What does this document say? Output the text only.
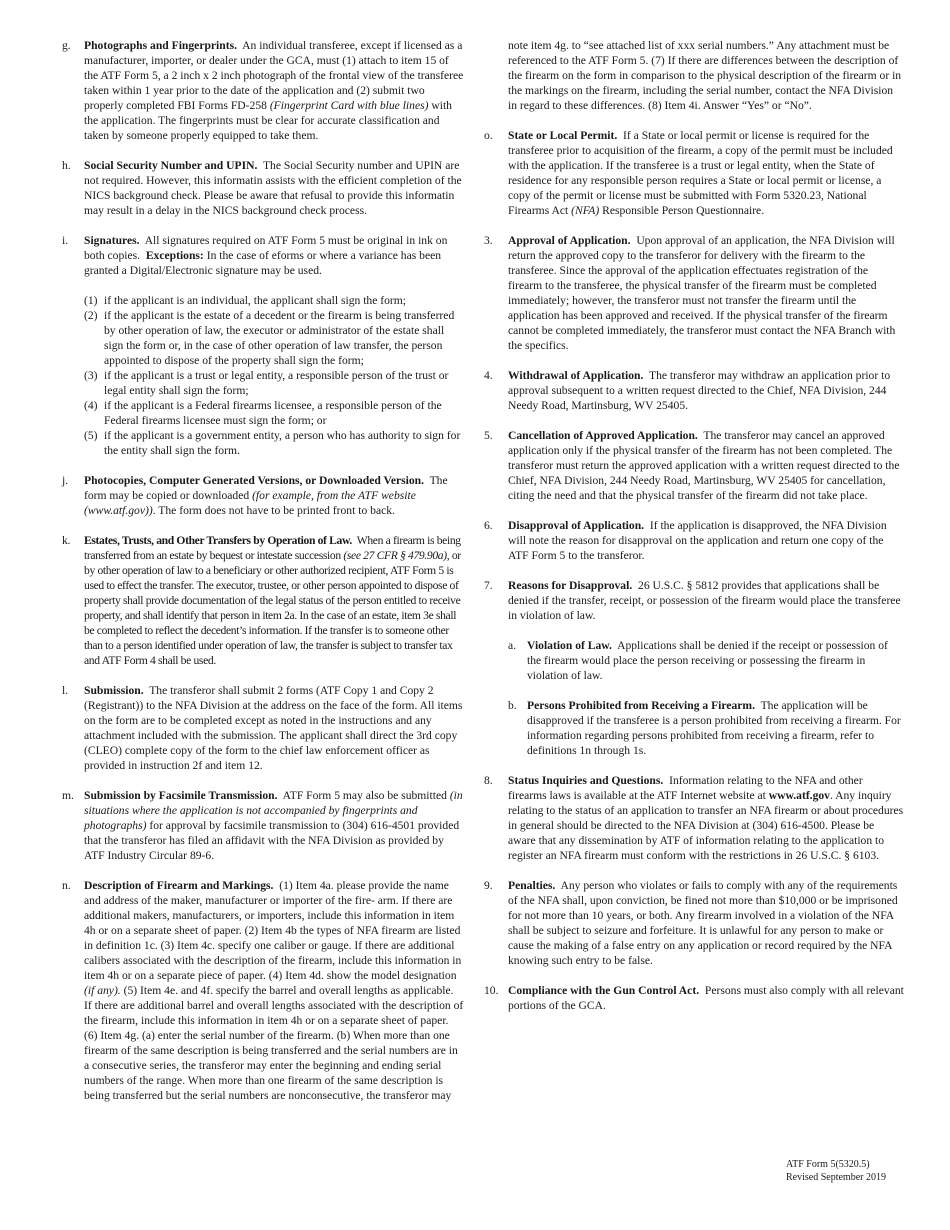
g.	Photographs and Fingerprints. An individual transferee, except if licensed as a manufacturer, importer, or dealer under the GCA, must (1) attach to item 15 of the ATF Form 5, a 2 inch x 2 inch photograph of the frontal view of the transferee taken within 1 year prior to the date of the application and (2) submit two properly completed FBI Forms FD-258 (Fingerprint Card with blue lines) with the application. The fingerprints must be clear for accurate classification and taken by someone properly equipped to take them.

h.	Social Security Number and UPIN. The Social Security number and UPIN are not required. However, this informatin assists with the efficient completion of the NICS background check. Please be aware that refusal to provide this informatin may result in a delay in the NICS background check process.

i.	Signatures. All signatures required on ATF Form 5 must be original in ink on both copies. Exceptions: In the case of eforms or where a variance has been granted a Digital/Electronic signature may be used.

(1) if the applicant is an individual, the applicant shall sign the form;
(2) if the applicant is the estate of a decedent or the firearm is being transferred by other operation of law, the executor or administrator of the estate shall sign the form or, in the case of other operation of law transfer, the person appointed to dispose of the property shall sign the form;
(3) if the applicant is a trust or legal entity, a responsible person of the trust or legal entity shall sign the form;
(4) if the applicant is a Federal firearms licensee, a responsible person of the Federal firearms licensee must sign the form; or
(5) if the applicant is a government entity, a person who has authority to sign for the entity shall sign the form.
j.	Photocopies, Computer Generated Versions, or Downloaded Version. The form may be copied or downloaded (for example, from the ATF website (www.atf.gov)). The form does not have to be printed front to back.

k.	Estates, Trusts, and Other Transfers by Operation of Law. When a firearm is being transferred from an estate by bequest or intestate succession (see 27 CFR § 479.90a), or by other operation of law to a beneficiary or other authorized recipient, ATF Form 5 is used to effect the transfer. The executor, trustee, or other person appointed to dispose of property shall provide documentation of the legal status of the person entitled to receive property, and shall identify that person in item 2a. In the case of an estate, item 3e shall be completed to reflect the decedent’s information. If the transfer is to someone other than to a person identified under operation of law, the transfer is subject to transfer tax and ATF Form 4 shall be used.

l.	Submission. The transferor shall submit 2 forms (ATF Copy 1 and Copy 2 (Registrant)) to the NFA Division at the address on the face of the form. All items on the form are to be completed except as noted in the instructions and any attachment included with the submission. The applicant shall direct the 3rd copy (CLEO) complete copy of the form to the chief law enforcement officer as provided in instruction 2f and item 12.

m. Submission by Facsimile Transmission. ATF Form 5 may also be submitted (in situations where the application is not accompanied by fingerprints and photographs) for approval by facsimile transmission to (304) 616-4501 provided that the transferor has filed an affidavit with the NFA Division as provided by ATF Industry Circular 89-6.

n.	Description of Firearm and Markings. (1) Item 4a. please provide the name and address of the maker, manufacturer or importer of the fire- arm. If there are additional makers, manufacturers, or importers, include this information in item 4h or on a separate sheet of paper. (2) Item 4b the types of NFA firearm are listed in definition 1c. (3) Item 4c. specify one caliber or gauge. If there are additional calibers associated with the description of the firearm, include this information in item 4h or on a separate piece of paper. (4) Item 4d. show the model designation (if any). (5) Item 4e. and 4f. specify the barrel and overall lengths as applicable. If there are additional barrel and overall lengths associated with the description of the firearm, include this information in item 4h or on a separate sheet of paper. (6) Item 4g. (a) enter the serial number of the firearm. (b) When more than one firearm of the same description is being transferred and the serial numbers are in a consecutive series, the transferor may enter the beginning and ending serial numbers of the range. When more than one firearm of the same description is being transferred but the serial numbers are nonconsecutive, the transferor may

note item 4g. to “see attached list of xxx serial numbers.” Any attachment must be referenced to the ATF Form 5. (7) If there are differences between the description of the firearm on the form in comparison to the physical description of the firearm or in the markings on the firearm, including the serial number, contact the NFA Division in regard to these differences. (8) Item 4i. Answer “Yes” or “No”.

o.	State or Local Permit. If a State or local permit or license is required for the transferee prior to acquisition of the firearm, a copy of the permit must be included with the application. If the transferee is a trust or legal entity, when the State of residence for any responsible person requires a State or local permit or license, a copy of the permit or license must be submitted with Form 5320.23, National Firearms Act (NFA) Responsible Person Questionnaire.

3.	Approval of Application. Upon approval of an application, the NFA Division will return the approved copy to the transferor for delivery with the firearm to the transferee. Since the approval of the application effectuates registration of the firearm to the transferee, the physical transfer of the firearm must be completed immediately; however, the transferor must not transfer the firearm until the application has been approved and received. If the physical transfer of the firearm cannot be completed immediately, the transferor must contact the NFA Branch with the specifics.

4.	Withdrawal of Application. The transferor may withdraw an application prior to approval subsequent to a written request directed to the Chief, NFA Division, 244 Needy Road, Martinsburg, WV 25405.

5.	Cancellation of Approved Application. The transferor may cancel an approved application only if the physical transfer of the firearm has not been completed. The transferor must return the approved application with a written request directed to the Chief, NFA Division, 244 Needy Road, Martinsburg, WV 25405 for cancellation, citing the need and that the physical transfer of the firearm did not take place.

6.	Disapproval of Application. If the application is disapproved, the NFA Division will note the reason for disapproval on the application and return one copy of the ATF Form 5 to the transferor.

7.	Reasons for Disapproval. 26 U.S.C. § 5812 provides that applications shall be denied if the transfer, receipt, or possession of the firearm would place the transferee in violation of law.

a. Violation of Law. Applications shall be denied if the receipt or possession of the firearm would place the person receiving or possessing the firearm in violation of law.

b. Persons Prohibited from Receiving a Firearm. The application will be disapproved if the transferee is a person prohibited from receiving a firearm. For information regarding persons prohibited from receiving a firearm, refer to definitions 1n through 1s.

8.	Status Inquiries and Questions. Information relating to the NFA and other firearms laws is available at the ATF Internet website at www.atf.gov. Any inquiry relating to the status of an application to transfer an NFA firearm or about procedures in general should be directed to the NFA Division at (304) 616-4500. Please be aware that any dissemination by ATF of information relating to the application to register an NFA firearm must conform with the restrictions in 26 U.S.C. § 6103.

9.	Penalties. Any person who violates or fails to comply with any of the requirements of the NFA shall, upon conviction, be fined not more than $10,000 or be imprisoned for not more than 10 years, or both. Any firearm involved in a violation of the NFA shall be subject to seizure and forfeiture. It is unlawful for any person to make or cause the making of a false entry on any application or record required by the NFA knowing such entry to be false.

10. Compliance with the Gun Control Act. Persons must also comply with all relevant portions of the GCA.

ATF Form 5(5320.5)
Revised September 2019
